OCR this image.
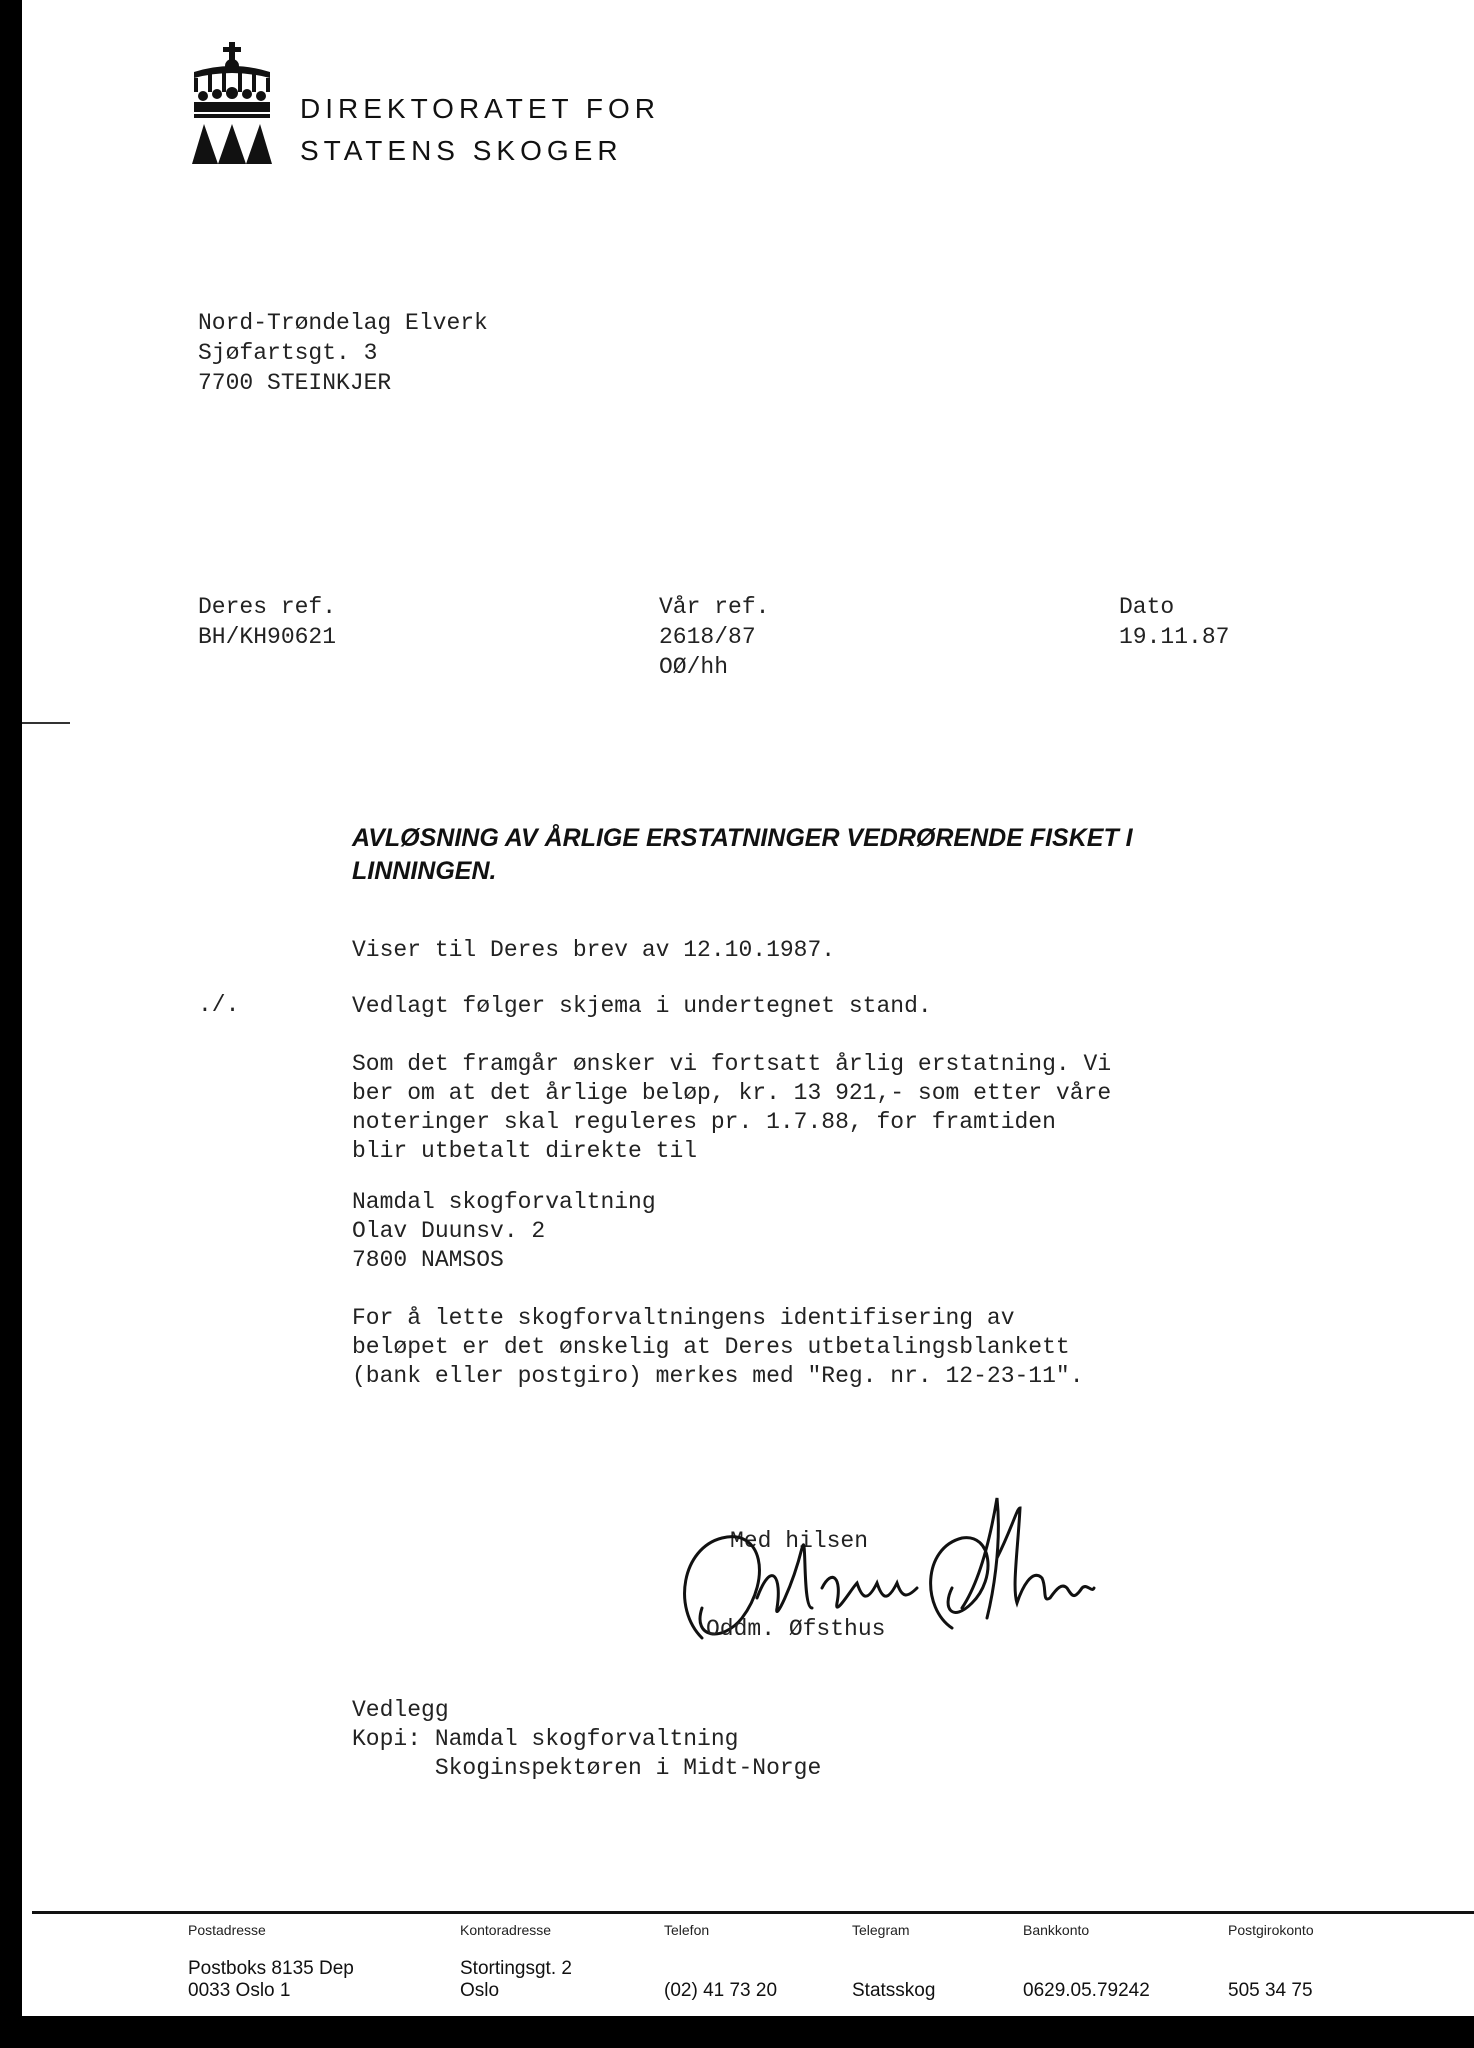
DIREKTORATET FOR
STATENS SKOGER
Nord-Trøndelag Elverk
Sjøfartsgt. 3
7700 STEINKJER
Deres ref.
BH/KH90621
Vår ref.
2618/87
OØ/hh
Dato
19.11.87
AVLØSNING AV ÅRLIGE ERSTATNINGER VEDRØRENDE FISKET I
LINNINGEN.
Viser til Deres brev av 12.10.1987.
./.	Vedlagt følger skjema i undertegnet stand.
Som det framgår ønsker vi fortsatt årlig erstatning. Vi
ber om at det årlige beløp, kr. 13 921,- som etter våre
noteringer skal reguleres pr. 1.7.88, for framtiden
blir utbetalt direkte til
Namdal skogforvaltning
Olav Duunsv. 2
7800 NAMSOS
For å lette skogforvaltningens identifisering av
beløpet er det ønskelig at Deres utbetalingsblankett
(bank eller postgiro) merkes med "Reg. nr. 12-23-11".
Med hilsen
Oddm. Øfsthus
Vedlegg
Kopi: Namdal skogforvaltning
Skoginspektøren i Midt-Norge
Postadresse
Postboks 8135 Dep
0033 Oslo 1
Kontoradresse
Stortingsgt. 2
Oslo
Telefon
(02) 41 73 20
Telegram
Statsskog
Bankkonto
0629.05.79242
Postgirokonto
505 34 75
